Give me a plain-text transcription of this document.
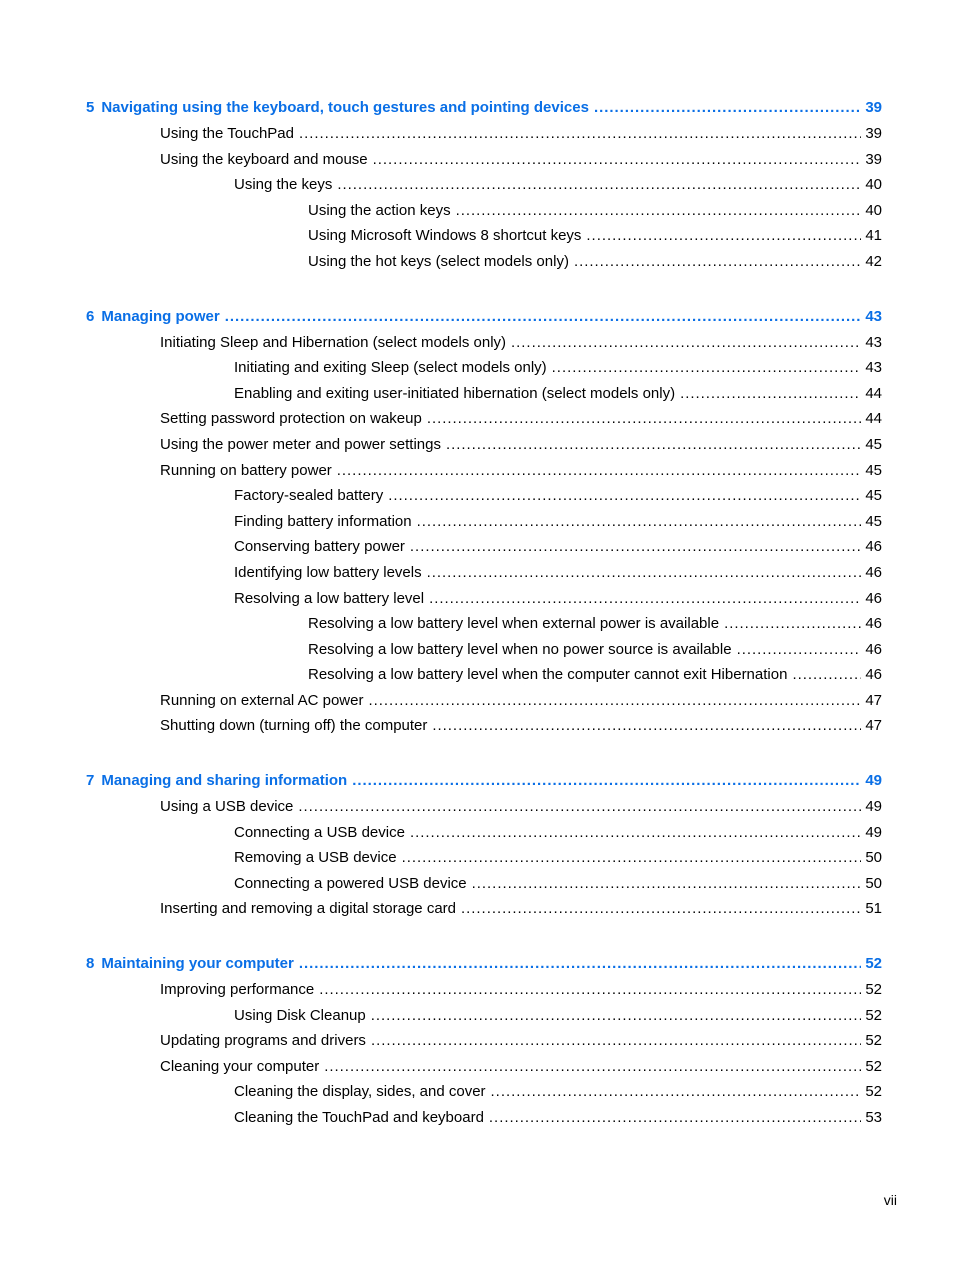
5 Navigating using the keyboard, touch gestures and pointing devices . . .	39
Using the TouchPad . . .	39
Using the keyboard and mouse . . .	39
Using the keys . . .	40
Using the action keys . . .	40
Using Microsoft Windows 8 shortcut keys . . .	41
Using the hot keys (select models only) . . .	42
6 Managing power . . .	43
Initiating Sleep and Hibernation (select models only) . . .	43
Initiating and exiting Sleep (select models only) . . .	43
Enabling and exiting user-initiated hibernation (select models only) . . .	44
Setting password protection on wakeup . . .	44
Using the power meter and power settings . . .	45
Running on battery power . . .	45
Factory-sealed battery . . .	45
Finding battery information . . .	45
Conserving battery power . . .	46
Identifying low battery levels . . .	46
Resolving a low battery level . . .	46
Resolving a low battery level when external power is available . . .	46
Resolving a low battery level when no power source is available . . .	46
Resolving a low battery level when the computer cannot exit Hibernation . . .	46
Running on external AC power . . .	47
Shutting down (turning off) the computer . . .	47
7 Managing and sharing information . . .	49
Using a USB device . . .	49
Connecting a USB device . . .	49
Removing a USB device . . .	50
Connecting a powered USB device . . .	50
Inserting and removing a digital storage card . . .	51
8 Maintaining your computer . . .	52
Improving performance . . .	52
Using Disk Cleanup . . .	52
Updating programs and drivers . . .	52
Cleaning your computer . . .	52
Cleaning the display, sides, and cover . . .	52
Cleaning the TouchPad and keyboard . . .	53
vii
